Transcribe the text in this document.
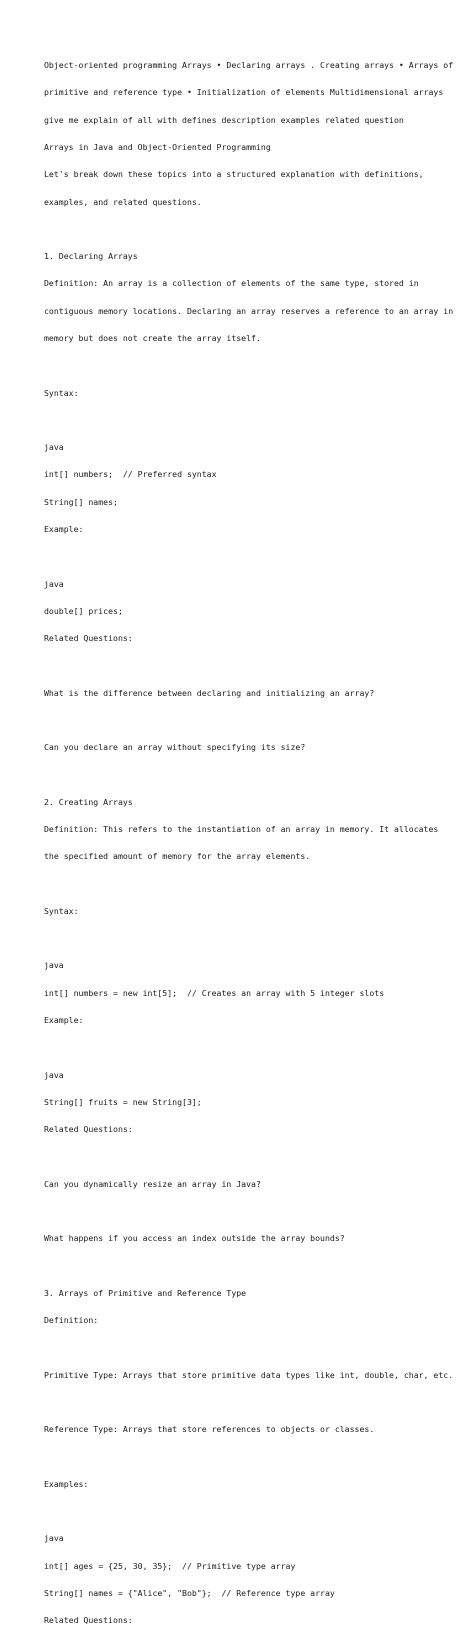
Object-oriented programming Arrays • Declaring arrays . Creating arrays • Arrays of

primitive and reference type • Initialization of elements Multidimensional arrays

give me explain of all with defines description examples related question

Arrays in Java and Object-Oriented Programming

Let's break down these topics into a structured explanation with definitions,

examples, and related questions.

1. Declaring Arrays

Definition: An array is a collection of elements of the same type, stored in

contiguous memory locations. Declaring an array reserves a reference to an array in

memory but does not create the array itself.

Syntax:

java

int[] numbers;  // Preferred syntax

String[] names;

Example:

java

double[] prices;

Related Questions:

What is the difference between declaring and initializing an array?

Can you declare an array without specifying its size?

2. Creating Arrays

Definition: This refers to the instantiation of an array in memory. It allocates

the specified amount of memory for the array elements.

Syntax:

java

int[] numbers = new int[5];  // Creates an array with 5 integer slots

Example:

java

String[] fruits = new String[3];

Related Questions:

Can you dynamically resize an array in Java?

What happens if you access an index outside the array bounds?

3. Arrays of Primitive and Reference Type

Definition:

Primitive Type: Arrays that store primitive data types like int, double, char, etc.

Reference Type: Arrays that store references to objects or classes.

Examples:

java

int[] ages = {25, 30, 35};  // Primitive type array

String[] names = {"Alice", "Bob"};  // Reference type array

Related Questions:
